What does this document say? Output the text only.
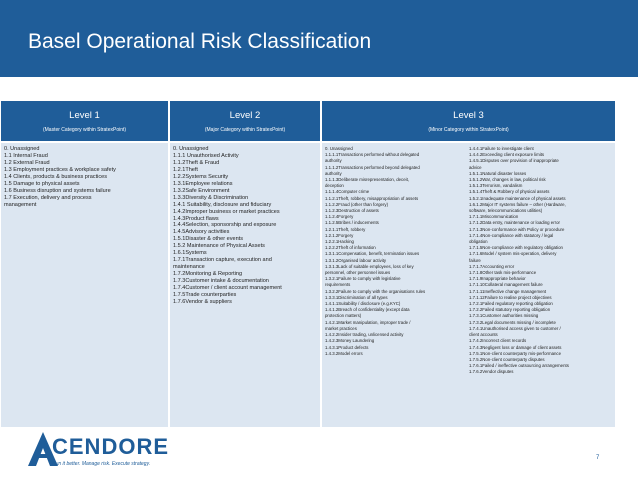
Basel Operational Risk Classification
Level 1
(Master Category within StratexPoint)
Level 2
(Major Category within StratexPoint)
Level 3
(Minor Category within StratexPoint)
0. Unassigned
1.1 Internal Fraud
1.2 External Fraud
1.3 Employment practices & workplace safety
1.4 Clients, products & business practices
1.5 Damage to physical assets
1.6 Business disruption and systems failure
1.7 Execution, delivery and process
management
0. Unassigned
1.1.1 Unauthorised Activity
1.1.2Theft & Fraud
1.2.1Theft
1.2.2Systems Security
1.3.1Employee relations
1.3.2Safe Environment
1.3.3Diversity & Discrimination
1.4.1 Suitability, disclosure and fiduciary
1.4.2Improper business or market practices
1.4.3Product flaws
1.4.4Selection, sponsorship and exposure
1.4.5Advisory activities
1.5.1Disaster & other events
1.5.2 Maintenance of Physical Assets
1.6.1Systems
1.7.1Transaction capture, execution and
maintenance
1.7.2Monitoring & Reporting
1.7.3Customer intake & documentation
1.7.4Customer / client account management
1.7.5Trade counterparties
1.7.6Vendor & suppliers
0. Unassigned
1.1.1.1Transactions performed without delegated
authority
1.1.1.2Transactions performed beyond delegated
authority
1.1.1.3Deliberate misrepresentation, deceit,
deception
1.1.1.4Computer crime
1.1.2.1Theft, robbery, misappropriation of assets
1.1.2.2Fraud (other than forgery)
1.1.2.3Destruction of assets
1.1.2.4Forgery
1.1.2.5Bribes / inducements
1.2.1.1Theft, robbery
1.2.1.2Forgery
1.2.2.1Hacking
1.2.2.2Theft of information
1.3.1.1Compensation, benefit, termination issues
1.3.1.2Organised labour activity
1.3.1.3Lack of suitable employees, loss of key
personnel, other personnel issues
1.3.2.1Failure to comply with legislative
requirements
1.3.2.2Failure to comply with the organisations rules
1.3.3.1Discrimination of all types
1.4.1.1Suitability / disclosure (e.g.KYC)
1.4.1.2Breach of confidentiality (except data
protection matters)
1.4.2.1Market manipulation, improper trade /
market practices
1.4.2.2Insider trading, unlicensed activity
1.4.2.3Money Laundering
1.4.3.1Product defects
1.4.3.2Model errors
1.4.4.1Failure to investigate client
1.4.4.2Exceeding client exposure limits
1.4.5.1Disputes over provision of inappropriate
advice
1.5.1.1Natural disaster losses
1.5.1.2War, changes in law, political risk
1.5.1.3Terrorism, vandalism
1.5.1.4Theft & Robbery of physical assets
1.5.2.1Inadequate maintenance of physical assets
1.6.1.2Major IT systems failure – other (Hardware,
software, telecommunications utilities)
1.7.1.1Miscommunication
1.7.1.2Data entry, maintenance or loading error
1.7.1.3Non-conformance with Policy or procedure
1.7.1.4Non-compliance with statutory / legal
obligation
1.7.1.5Non-compliance with regulatory obligation
1.7.1.6Model / system mis-operation, delivery
failure
1.7.1.7Accounting error
1.7.1.8Other task mis-performance
1.7.1.9Inappropriate behavior
1.7.1.10Collateral management failure
1.7.1.11Ineffective change management
1.7.1.12Failure to realise project objectives
1.7.2.1Failed regulatory reporting obligation
1.7.2.2Failed statutory reporting obligation
1.7.3.1Customer authorities missing
1.7.3.2Legal documents missing / incomplete
1.7.4.1Unauthorised access given to customer /
client accounts
1.7.4.2Incorrect client records
1.7.4.3Negligent loss or damage of client assets
1.7.5.1Non-client counterparty mis-performance
1.7.5.2Non-client counterparty disputes
1.7.6.1Failed / ineffective outsourcing arrangements
1.7.6.2Vendor disputes
CENDORE
Run it better. Manage risk. Execute strategy.
7
